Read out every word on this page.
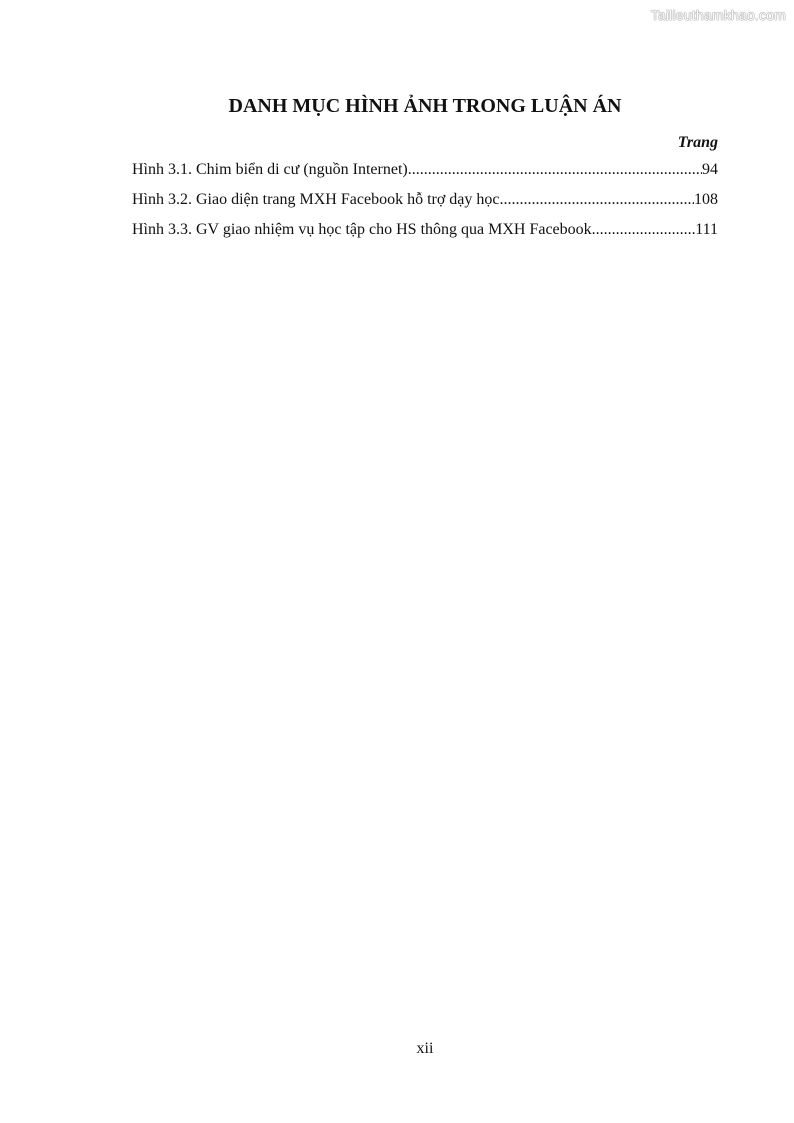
Tailieuthamkhao.com
DANH MỤC HÌNH ẢNH TRONG LUẬN ÁN
Trang
Hình 3.1. Chim biển di cư (nguồn Internet) .....	94
Hình 3.2. Giao diện trang MXH Facebook hỗ trợ dạy học .....	108
Hình 3.3. GV giao nhiệm vụ học tập cho HS thông qua MXH Facebook .....	111
xii
